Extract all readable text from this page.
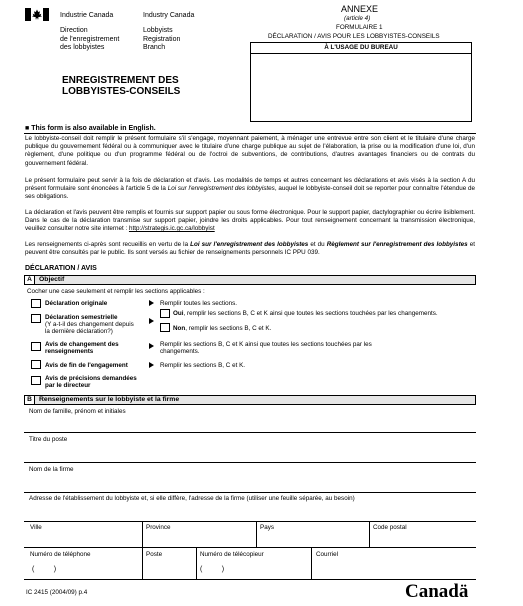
Industrie Canada	Industry Canada
Direction
de l'enregistrement
des lobbyistes
Lobbyists
Registration
Branch
ANNEXE
(article 4)
FORMULAIRE 1
DÉCLARATION / AVIS POUR LES LOBBYISTES-CONSEILS
À L'USAGE DU BUREAU
ENREGISTREMENT DES
LOBBYISTES-CONSEILS
■ This form is also available in English.
Le lobbyiste-conseil doit remplir le présent formulaire s'il s'engage, moyennant paiement, à ménager une entrevue entre son client et le titulaire d'une charge publique du gouvernement fédéral ou à communiquer avec le titulaire d'une charge publique au sujet de l'élaboration, la prise ou la modification d'une loi, d'un règlement, d'une politique ou d'un programme fédéral ou de l'octroi de subventions, de contributions, d'autres avantages financiers ou de contrats du gouvernement fédéral.
Le présent formulaire peut servir à la fois de déclaration et d'avis. Les modalités de temps et autres concernant les déclarations et avis visés à la section A du présent formulaire sont énoncées à l'article 5 de la Loi sur l'enregistrement des lobbyistes, auquel le lobbyiste-conseil doit se reporter pour connaître l'étendue de ses obligations.
La déclaration et l'avis peuvent être remplis et fournis sur support papier ou sous forme électronique. Pour le support papier, dactylographier ou écrire lisiblement. Dans le cas de la déclaration transmise sur support papier, joindre les droits applicables. Pour tout renseignement concernant la transmission électronique, veuillez consulter notre site internet : http://strategis.ic.gc.ca/lobbyist
Les renseignements ci-après sont recueillis en vertu de la Loi sur l'enregistrement des lobbyistes et du Règlement sur l'enregistrement des lobbyistes et peuvent être consultés par le public. Ils sont versés au fichier de renseignements personnels IC PPU 039.
DÉCLARATION / AVIS
A	Objectif
Cocher une case seulement et remplir les sections applicables :
Déclaration originale	Remplir toutes les sections.
Déclaration semestrielle
(Y a-t-il des changement depuis la dernière déclaration?)
Oui, remplir les sections B, C et K ainsi que toutes les sections touchées par les changements.
Non, remplir les sections B, C et K.
Avis de changement des renseignements
Remplir les sections B, C et K ainsi que toutes les sections touchées par les changements.
Avis de fin de l'engagement	Remplir les sections B, C et K.
Avis de précisions demandées par le directeur
B	Renseignements sur le lobbyiste et la firme
Nom de famille, prénom et initiales
Titre du poste
Nom de la firme
Adresse de l'établissement du lobbyiste et, si elle diffère, l'adresse de la firme (utiliser une feuille séparée, au besoin)
Ville	Province	Pays	Code postal
Numéro de téléphone
(          )
Poste	Numéro de télécopieur
(          )
Courriel
IC 2415 (2004/09) p.4	Canadä
